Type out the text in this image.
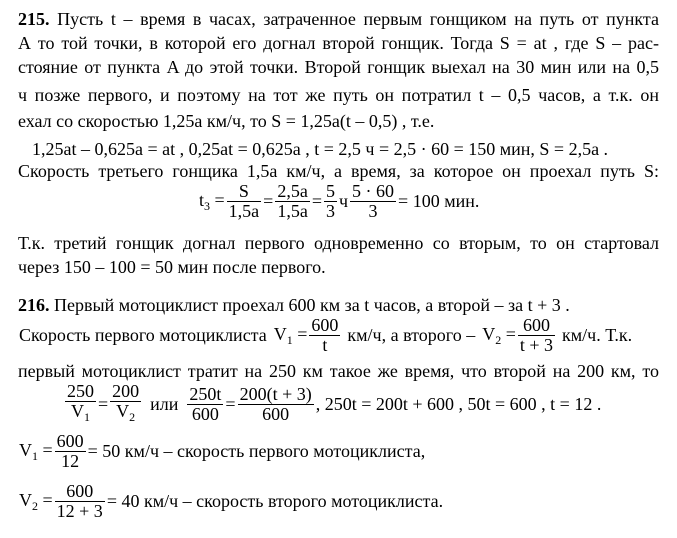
215. Пусть t – время в часах, затраченное первым гонщиком на путь от пункта
А то той точки, в которой его догнал второй гонщик. Тогда S = at , где S – рас-
стояние от пункта A до этой точки. Второй гонщик выехал на 30 мин или на 0,5
ч позже первого, и поэтому на тот же путь он потратил t – 0,5 часов, а т.к. он
ехал со скоростью 1,25a км/ч, то S = 1,25a(t – 0,5) , т.е.
1,25at – 0,625a = at , 0,25at = 0,625a , t = 2,5 ч = 2,5 · 60 = 150 мин, S = 2,5a .
Скорость третьего гонщика 1,5a км/ч, а время, за которое он проехал путь S:
$t_3 = \frac{S}{1,5a} = \frac{2,5a}{1,5a} = \frac{5}{3}$ ч $\frac{5 \cdot 60}{3} = 100$ мин.
Т.к. третий гонщик догнал первого одновременно со вторым, то он стартовал
через 150 – 100 = 50 мин после первого.
216. Первый мотоциклист проехал 600 км за t часов, а второй – за t + 3 .
Скорость первого мотоциклиста $V_1 = \frac{600}{t} км/ч$, а второго – $V_2 = \frac{600}{t + 3} км/ч$. Т.к.
первый мотоциклист тратит на 250 км такое же время, что второй на 200 км, то
$\frac{250}{V_1} = \frac{200}{V_2}$ или $\frac{250t}{600} = \frac{200(t + 3)}{600}$ , 250t = 200t + 600 , 50t = 600 , t = 12 .
$V_1 = \frac{600}{12} = 50$ км/ч – скорость первого мотоциклиста,
$V_2 = \frac{600}{12 + 3} = 40$ км/ч – скорость второго мотоциклиста.
